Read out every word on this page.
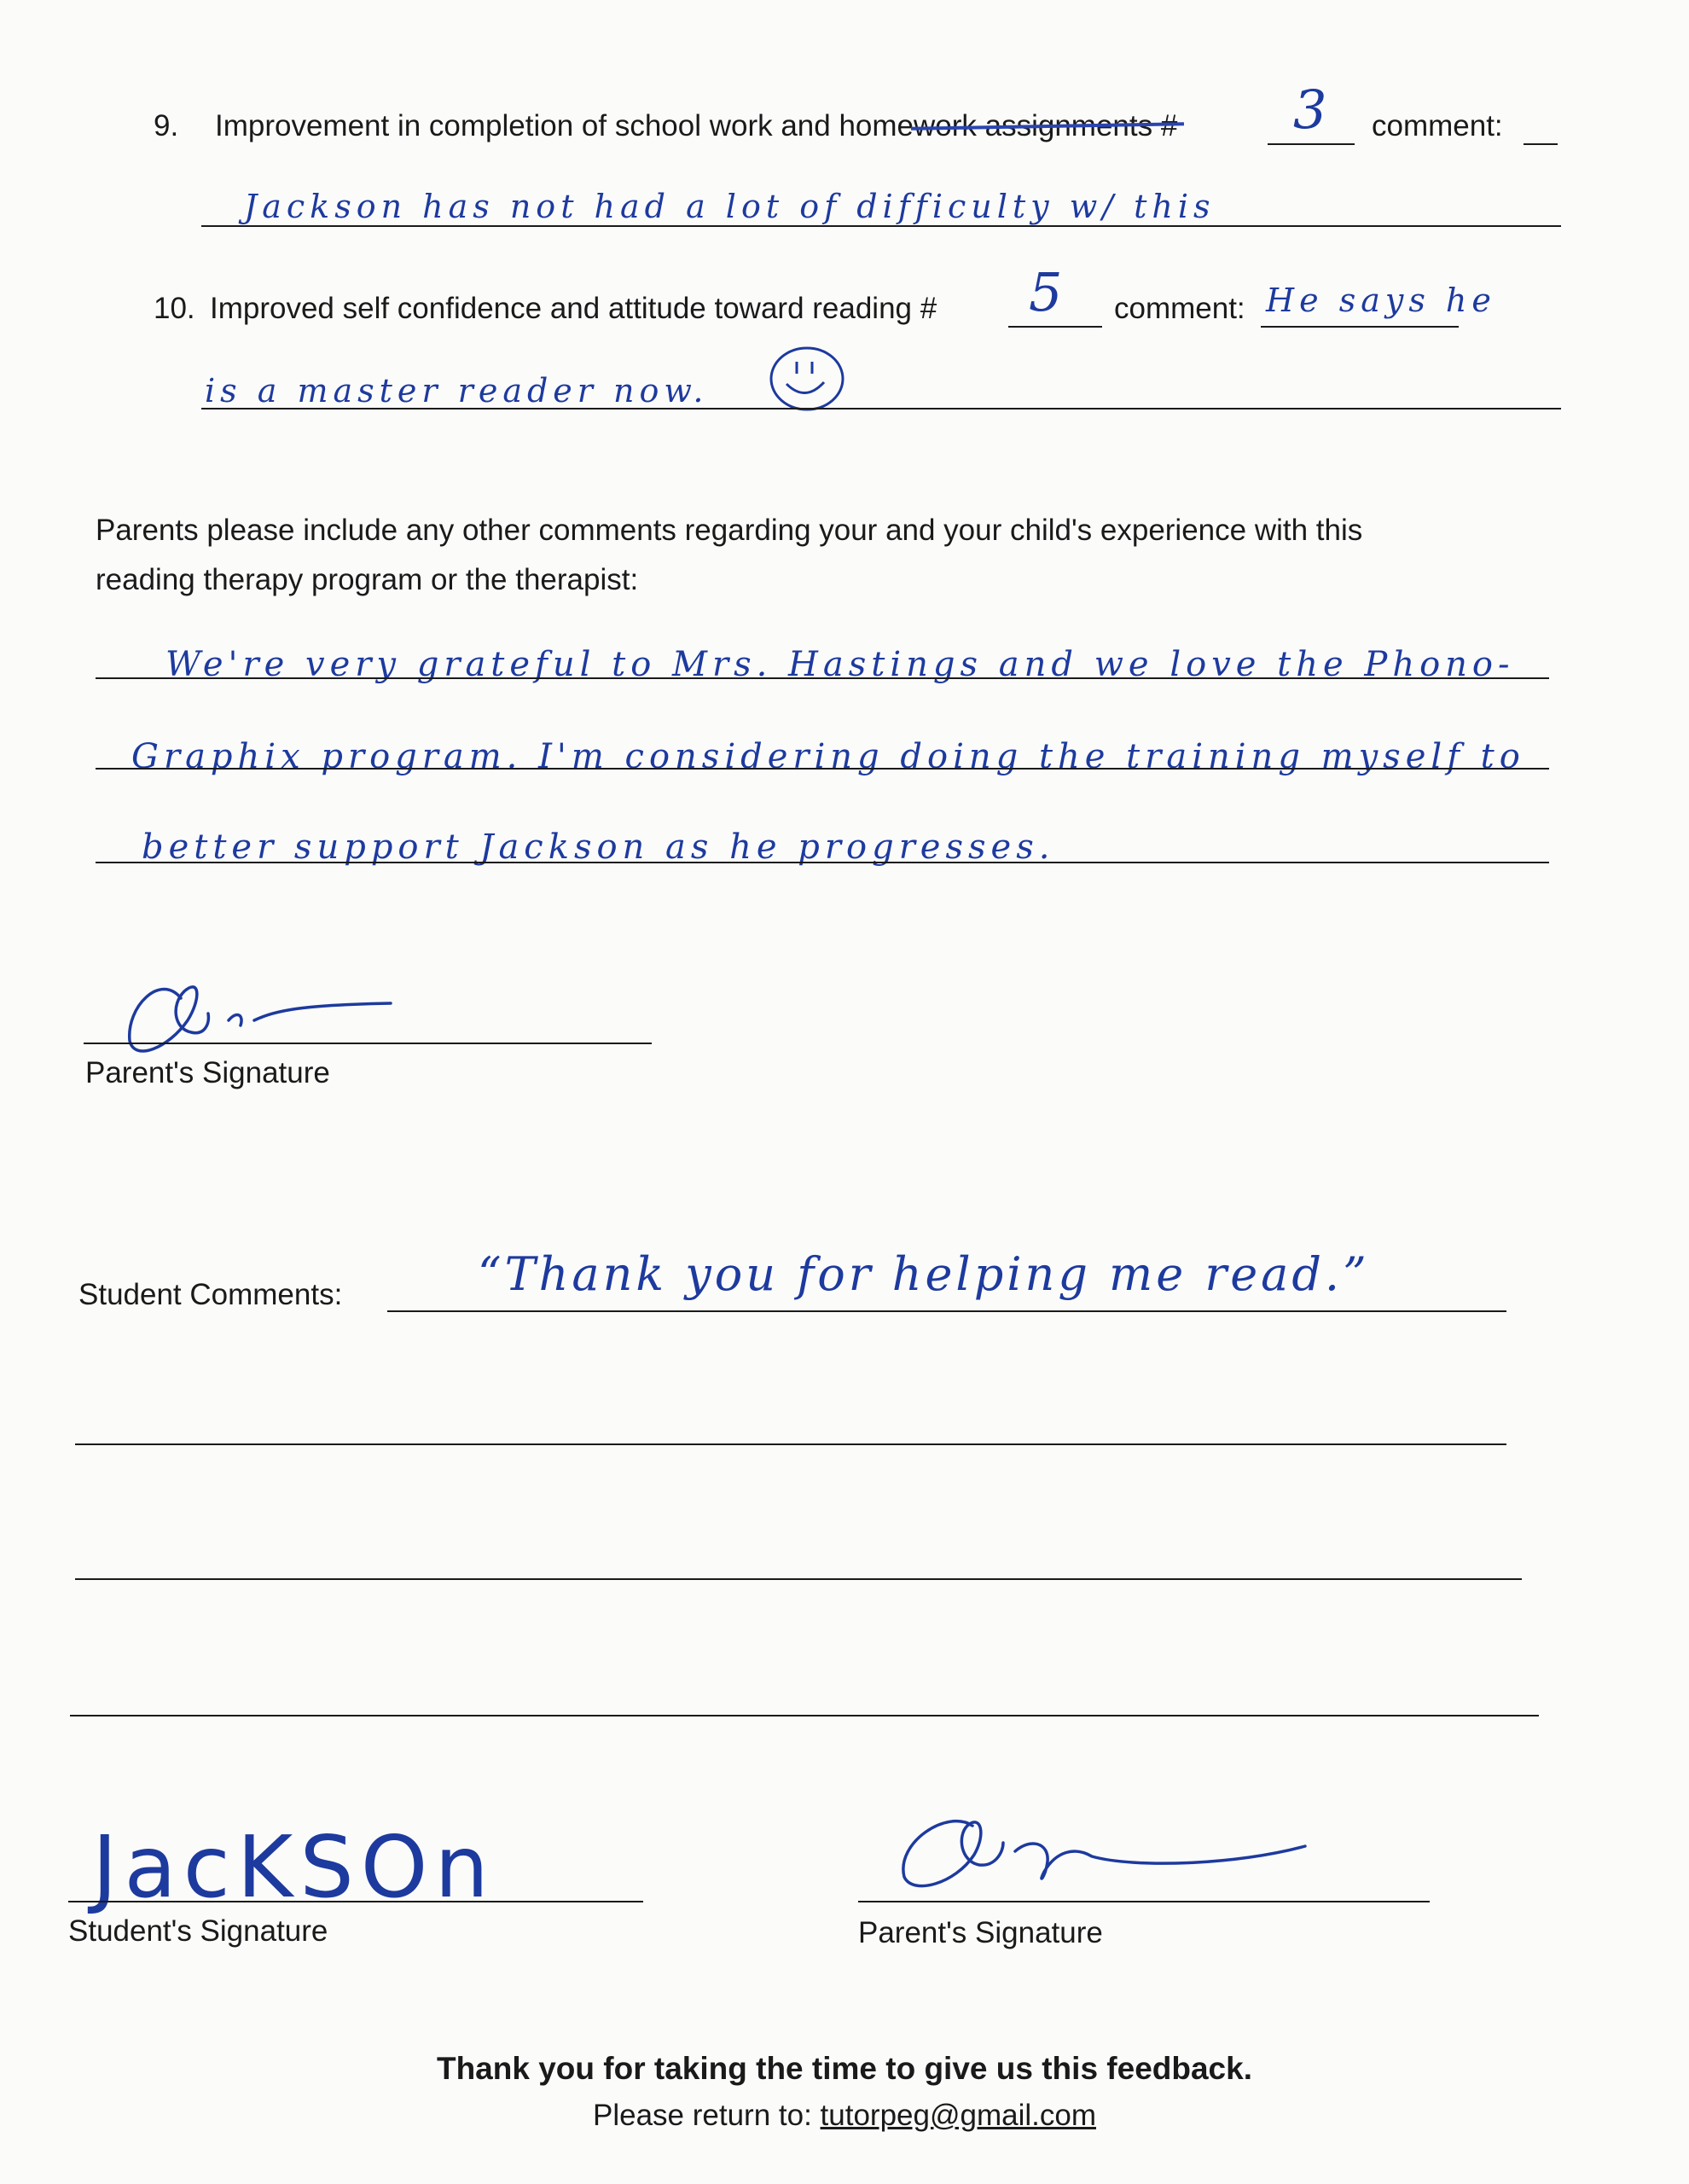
9. Improvement in completion of school work and homework assignments # 3 comment:
Jackson has not had a lot of difficulty w/ this
10. Improved self confidence and attitude toward reading # 5 comment: He says he
is a master reader now.
Parents please include any other comments regarding your and your child's experience with this
reading therapy program or the therapist:
We're very grateful to Mrs. Hastings and we love the Phono-
Graphix program. I'm considering doing the training myself to
better support Jackson as he progresses.
Parent's Signature
Student Comments:	“Thank you for helping me read.”
JacKSOn
Student's Signature	Parent's Signature
Thank you for taking the time to give us this feedback.
Please return to: tutorpeg@gmail.com
